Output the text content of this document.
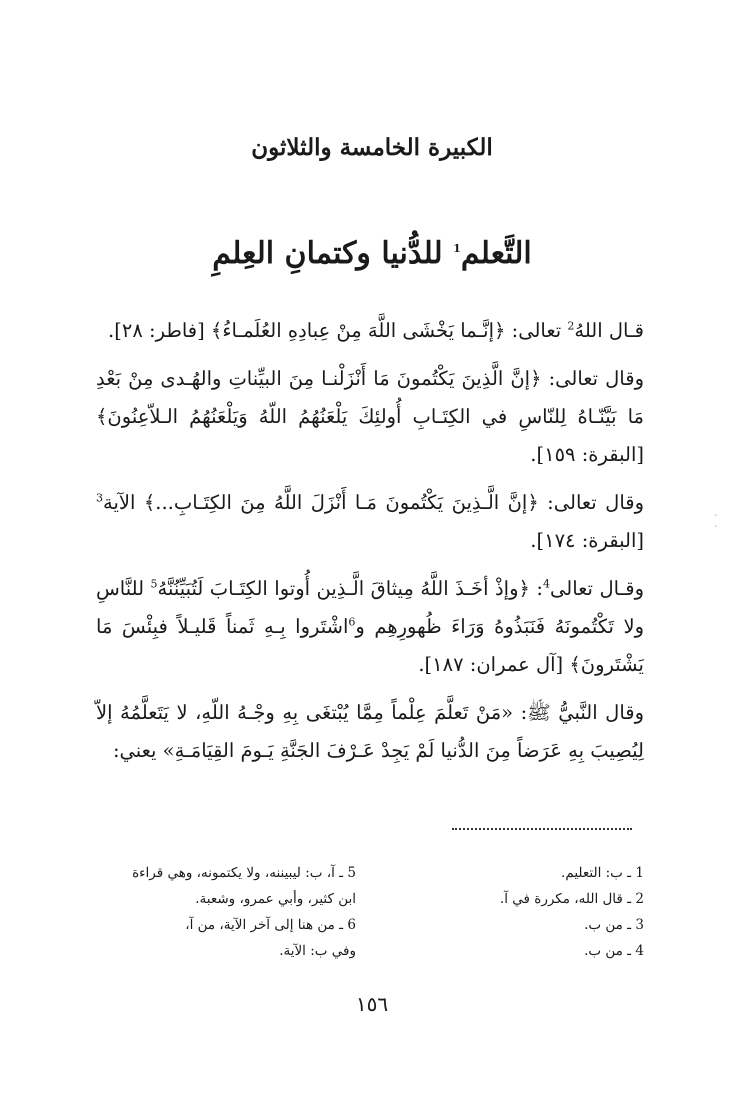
الكبيرة الخامسة والثلاثون
التَّعلم$^1$ للدُّنيا وكتمانِ العِلمِ

قـال اللهُ$^2$ تعالى: ﴿إنَّـما يَخْشَى اللَّهَ مِنْ عِبادِهِ العُلَمـاءُ﴾ [فاطر: ٢٨].

وقال تعالى: ﴿إنَّ الَّذِينَ يَكْتُمونَ مَا أَنْزَلْنـا مِنَ البيِّناتِ والهُـدى مِنْ بَعْدِ مَا بَيَّنّـاهُ لِلنّاسِ في الكِتَـابِ أُولئِكَ يَلْعَنُهُمُ اللّهُ وَيَلْعَنُهُمُ الـلاّعِنُونَ﴾ [البقرة: ١٥٩].

وقال تعالى: ﴿إنَّ الَّـذِينَ يَكْتُمونَ مَـا أَنْزَلَ اللَّهُ مِنَ الكِتَـابِ...﴾ الآية$^3$ [البقرة: ١٧٤].

وقـال تعالى$^4$: ﴿وإذْ أخَـذَ اللَّهُ مِيثاقَ الَّـذِين أُوتوا الكِتَـابَ لَتُبَيِّنُنَّهُ$^5$ للنَّاسِ ولا تَكْتُمونَهُ فَنَبَذُوهُ وَرَاءَ ظُهورِهِم و$^6$اشْتَروا بِـهِ ثَمناً قَليـلاً فبِئْسَ مَا يَشْتَرونَ﴾ [آل عمران: ١٨٧].

وقال النَّبيُّ ﷺ: «مَنْ تَعلَّمَ عِلْماً مِمَّا يُبْتغَى بِهِ وجْـهُ اللّهِ، لا يَتَعلَّمُهُ إلاّ لِيُصِيبَ بِهِ عَرَضاً مِنَ الدُّنيا لَمْ يَجِدْ عَـرْفَ الجَنَّةِ يَـومَ القِيَامَـةِ» يعني:

1 ـ ب: التعليم.
2 ـ قال الله، مكررة في آ.
3 ـ من ب.
4 ـ من ب.
5 ـ آ، ب: ليبيننه، ولا يكتمونه، وهي قراءة
ابن كثير، وأبي عمرو، وشعبة.
6 ـ من هنا إلى آخر الآية، من آ،
وفي ب: الآية.
١٥٦
-
-
